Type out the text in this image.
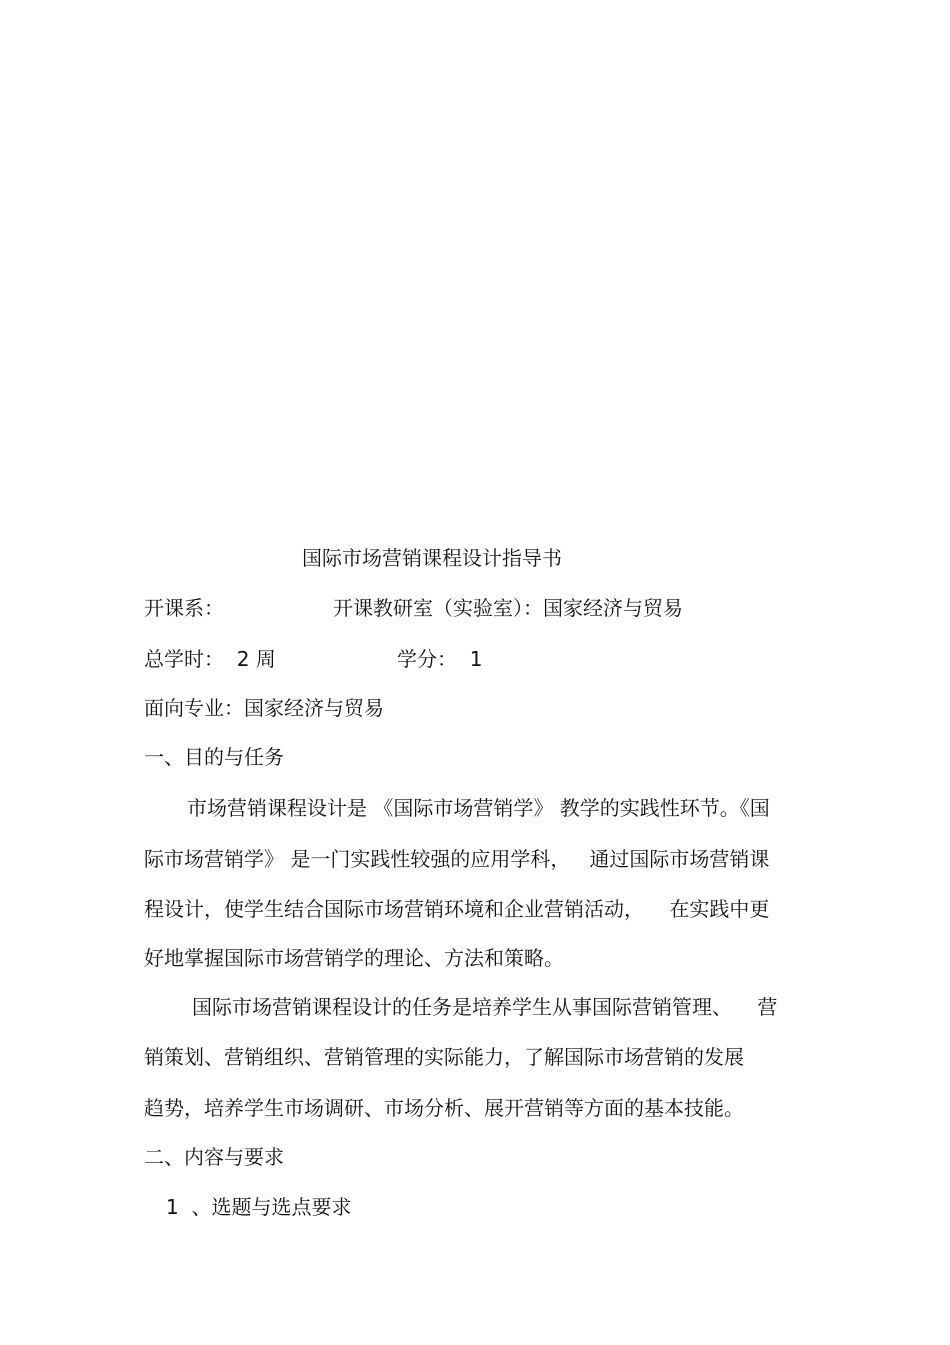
国际市场营销课程设计指导书
开课系：	开课教研室（实验室）：国家经济与贸易
总学时：  2 周	学分：  1
面向专业：国家经济与贸易
一、目的与任务
市场营销课程设计是 《国际市场营销学》 教学的实践性环节。《国
际市场营销学》 是一门实践性较强的应用学科，   通过国际市场营销课
程设计，使学生结合国际市场营销环境和企业营销活动，    在实践中更
好地掌握国际市场营销学的理论、方法和策略。
国际市场营销课程设计的任务是培养学生从事国际营销管理、    营
销策划、营销组织、营销管理的实际能力，了解国际市场营销的发展
趋势，培养学生市场调研、市场分析、展开营销等方面的基本技能。
二、内容与要求
1  、选题与选点要求
